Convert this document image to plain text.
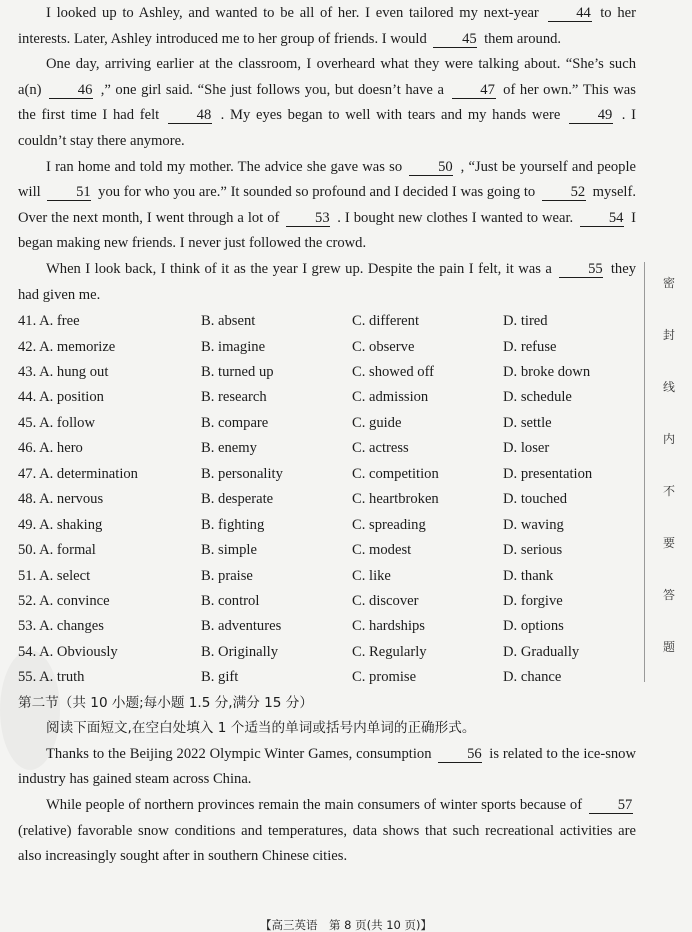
I looked up to Ashley, and wanted to be all of her. I even tailored my next-year	44 to her interests. Later, Ashley introduced me to her group of friends. I would 45 them around.

One day, arriving earlier at the classroom, I overheard what they were talking about. “She’s such a(n) 46 ,” one girl said. “She just follows you, but doesn’t have a 47 of her own.” This was the first time I had felt	48 . My eyes began to well with tears and my hands were	49 . I couldn’t stay there anymore.

I ran home and told my mother. The advice she gave was so 50 , “Just be yourself and people will 51 you for who you are.” It sounded so profound and I decided I was going to 52 myself. Over the next month, I went through a lot of 53 . I bought new clothes I wanted to wear. 54 I began making new friends. I never just followed the crowd.

When I look back, I think of it as the year I grew up. Despite the pain I felt, it was a 55 they had given me.

41. A. free	B. absent	C. different	D. tired
42. A. memorize	B. imagine	C. observe	D. refuse
43. A. hung out	B. turned up	C. showed off	D. broke down
44. A. position	B. research	C. admission	D. schedule
45. A. follow	B. compare	C. guide	D. settle
46. A. hero	B. enemy	C. actress	D. loser
47. A. determination	B. personality	C. competition	D. presentation
48. A. nervous	B. desperate	C. heartbroken	D. touched
49. A. shaking	B. fighting	C. spreading	D. waving
50. A. formal	B. simple	C. modest	D. serious
51. A. select	B. praise	C. like	D. thank
52. A. convince	B. control	C. discover	D. forgive
53. A. changes	B. adventures	C. hardships	D. options
54. A. Obviously	B. Originally	C. Regularly	D. Gradually
55. A. truth	B. gift	C. promise	D. chance

第二节（共 10 小题;每小题 1.5 分,满分 15 分）

阅读下面短文,在空白处填入 1 个适当的单词或括号内单词的正确形式。

Thanks to the Beijing 2022 Olympic Winter Games, consumption 56 is related to the ice-snow industry has gained steam across China.

While people of northern provinces remain the main consumers of winter sports because of 57 (relative) favorable snow conditions and temperatures, data shows that such recreational activities are also increasingly sought after in southern Chinese cities.

密
封
线
内
不
要
答
题
【高三英语　第 8 页(共 10 页)】
